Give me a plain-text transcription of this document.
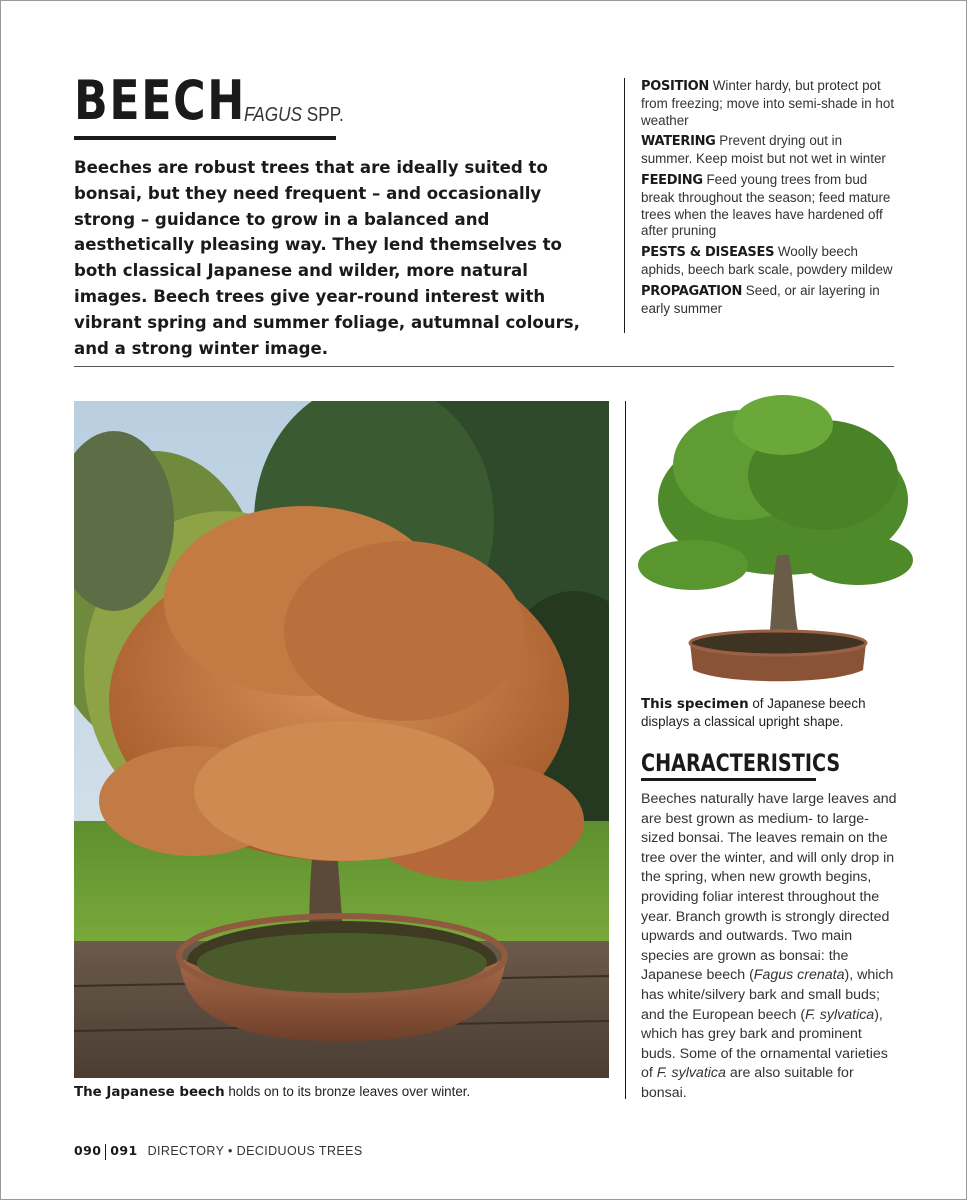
BEECH
FAGUS SPP.
Beeches are robust trees that are ideally suited to bonsai, but they need frequent – and occasionally strong – guidance to grow in a balanced and aesthetically pleasing way. They lend themselves to both classical Japanese and wilder, more natural images. Beech trees give year-round interest with vibrant spring and summer foliage, autumnal colours, and a strong winter image.
POSITION Winter hardy, but protect pot from freezing; move into semi-shade in hot weather
WATERING Prevent drying out in summer. Keep moist but not wet in winter
FEEDING Feed young trees from bud break throughout the season; feed mature trees when the leaves have hardened off after pruning
PESTS & DISEASES Woolly beech aphids, beech bark scale, powdery mildew
PROPAGATION Seed, or air layering in early summer
The Japanese beech holds on to its bronze leaves over winter.
This specimen of Japanese beech displays a classical upright shape.
CHARACTERISTICS
Beeches naturally have large leaves and are best grown as medium- to large-sized bonsai. The leaves remain on the tree over the winter, and will only drop in the spring, when new growth begins, providing foliar interest throughout the year. Branch growth is strongly directed upwards and outwards. Two main species are grown as bonsai: the Japanese beech (Fagus crenata), which has white/silvery bark and small buds; and the European beech (F. sylvatica), which has grey bark and prominent buds. Some of the ornamental varieties of F. sylvatica are also suitable for bonsai.
090 091 DIRECTORY • DECIDUOUS TREES
